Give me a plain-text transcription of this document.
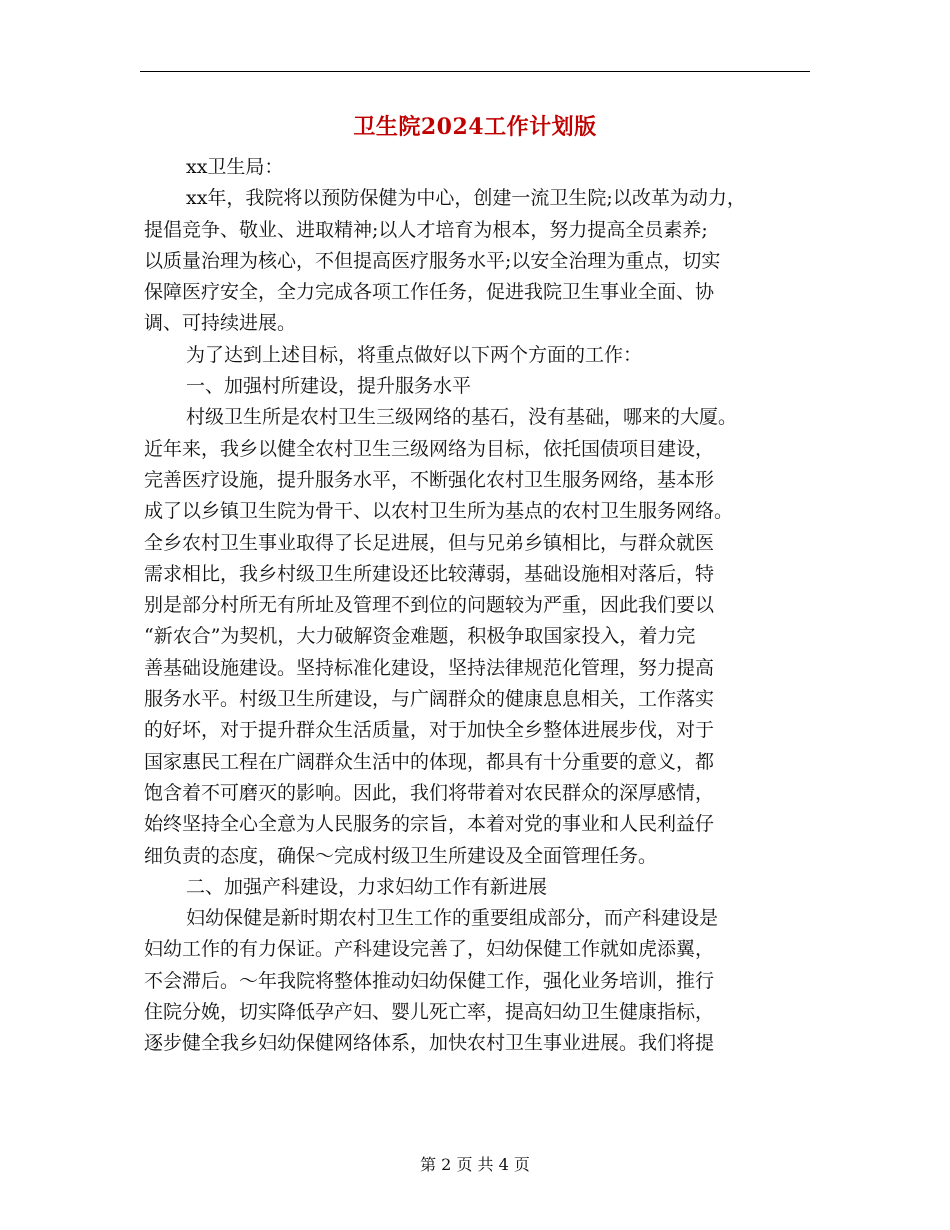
卫生院2024工作计划版
xx卫生局：
xx年，我院将以预防保健为中心，创建一流卫生院;以改革为动力，
提倡竞争、敬业、进取精神;以人才培育为根本，努力提高全员素养;
以质量治理为核心，不但提高医疗服务水平;以安全治理为重点，切实
保障医疗安全，全力完成各项工作任务，促进我院卫生事业全面、协
调、可持续进展。
为了达到上述目标，将重点做好以下两个方面的工作：
一、加强村所建设，提升服务水平
村级卫生所是农村卫生三级网络的基石，没有基础，哪来的大厦。
近年来，我乡以健全农村卫生三级网络为目标，依托国债项目建设，
完善医疗设施，提升服务水平，不断强化农村卫生服务网络，基本形
成了以乡镇卫生院为骨干、以农村卫生所为基点的农村卫生服务网络。
全乡农村卫生事业取得了长足进展，但与兄弟乡镇相比，与群众就医
需求相比，我乡村级卫生所建设还比较薄弱，基础设施相对落后，特
别是部分村所无有所址及管理不到位的问题较为严重，因此我们要以
“新农合”为契机，大力破解资金难题，积极争取国家投入，着力完
善基础设施建设。坚持标准化建设，坚持法律规范化管理，努力提高
服务水平。村级卫生所建设，与广阔群众的健康息息相关，工作落实
的好坏，对于提升群众生活质量，对于加快全乡整体进展步伐，对于
国家惠民工程在广阔群众生活中的体现，都具有十分重要的意义，都
饱含着不可磨灭的影响。因此，我们将带着对农民群众的深厚感情，
始终坚持全心全意为人民服务的宗旨，本着对党的事业和人民利益仔
细负责的态度，确保～完成村级卫生所建设及全面管理任务。
二、加强产科建设，力求妇幼工作有新进展
妇幼保健是新时期农村卫生工作的重要组成部分，而产科建设是
妇幼工作的有力保证。产科建设完善了，妇幼保健工作就如虎添翼，
不会滞后。～年我院将整体推动妇幼保健工作，强化业务培训，推行
住院分娩，切实降低孕产妇、婴儿死亡率，提高妇幼卫生健康指标，
逐步健全我乡妇幼保健网络体系，加快农村卫生事业进展。我们将提
第 2 页 共 4 页
